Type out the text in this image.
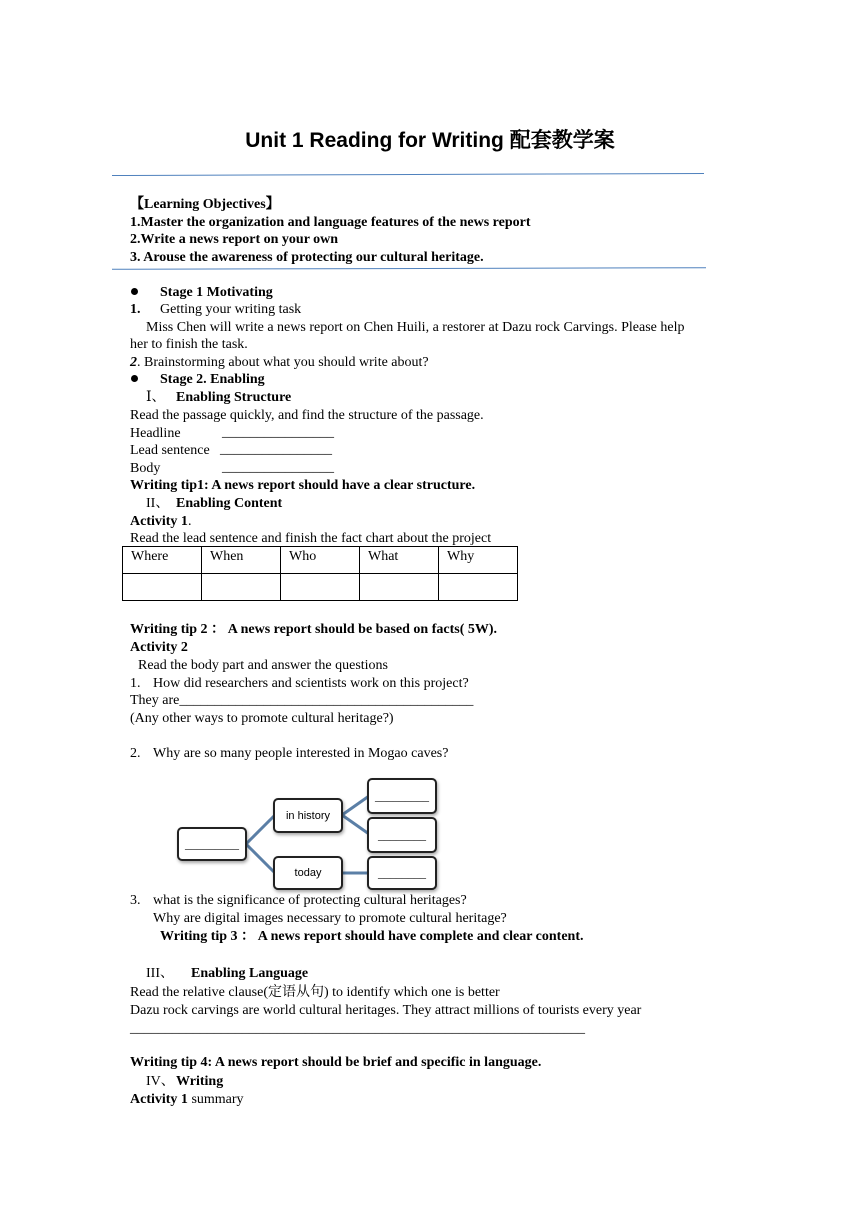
Unit 1 Reading for Writing 配套教学案
【Learning Objectives】
1.Master the organization and language features of the news report
2.Write a news report on your own
3. Arouse the awareness of protecting our cultural heritage.
Stage 1 Motivating
1. Getting your writing task
Miss Chen will write a news report on Chen Huili, a restorer at Dazu rock Carvings. Please help
her to finish the task.
2. Brainstorming about what you should write about?
Stage 2. Enabling
Ⅰ、 Enabling Structure
Read the passage quickly, and find the structure of the passage.
Headline	________________
Lead sentence ________________
Body	________________
Writing tip1: A news report should have a clear structure.
II、 Enabling Content
Activity 1.
Read the lead sentence and finish the fact chart about the project
Where	When	Who	What	Why

Writing tip 2 ： A news report should be based on facts( 5W).
Activity 2
Read the body part and answer the questions
1. How did researchers and scientists work on this project?
They are__________________________________________
(Any other ways to promote cultural heritage?)
2. Why are so many people interested in Mogao caves?
_________
in history
today
_________
________
________
3. what is the significance of protecting cultural heritages?
Why are digital images necessary to promote cultural heritage?
Writing tip 3 ： A news report should have complete and clear content.
III、 Enabling Language
Read the relative clause(定语从句) to identify which one is better
Dazu rock carvings are world cultural heritages. They attract millions of tourists every year
_________________________________________________________________
Writing tip 4: A news report should be brief and specific in language.
IV、 Writing
Activity 1 summary
